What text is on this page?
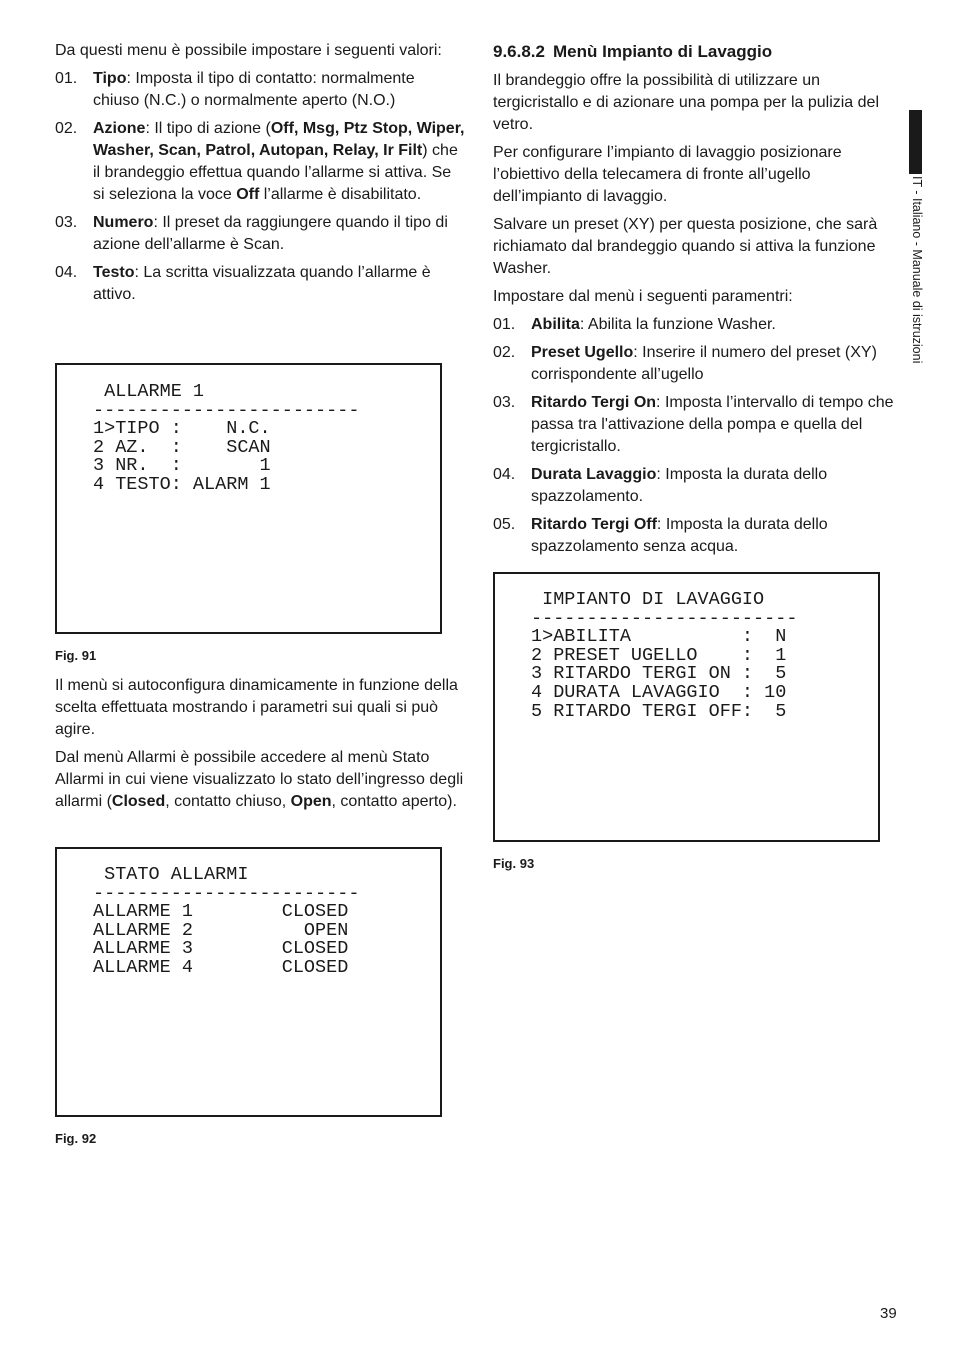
Da questi menu è possibile impostare i seguenti valori:

01. Tipo: Imposta il tipo di contatto: normalmente chiuso (N.C.) o normalmente aperto (N.O.)
02. Azione: Il tipo di azione (Off, Msg, Ptz Stop, Wiper, Washer, Scan, Patrol, Autopan, Relay, Ir Filt) che il brandeggio effettua quando l’allarme si attiva. Se si seleziona la voce Off l’allarme è disabilitato.
03. Numero: Il preset da raggiungere quando il tipo di azione dell’allarme è Scan.
04. Testo: La scritta visualizzata quando l’allarme è attivo.
ALLARME 1
------------------------
1>TIPO :    N.C.
2 AZ.  :    SCAN
3 NR.  :       1
4 TESTO: ALARM 1
Fig. 91

Il menù si autoconfigura dinamicamente in funzione della scelta effettuata mostrando i parametri sui quali si può agire.

Dal menù Allarmi è possibile accedere al menù Stato Allarmi in cui viene visualizzato lo stato dell’ingresso degli allarmi (Closed, contatto chiuso, Open, contatto aperto).

STATO ALLARMI
------------------------
ALLARME 1        CLOSED
ALLARME 2          OPEN
ALLARME 3        CLOSED
ALLARME 4        CLOSED
Fig. 92
9.6.8.2 Menù Impianto di Lavaggio

Il brandeggio offre la possibilità di utilizzare un tergicristallo e di azionare una pompa per la pulizia del vetro.

Per configurare l’impianto di lavaggio posizionare l’obiettivo della telecamera di fronte all’ugello dell’impianto di lavaggio.

Salvare un preset (XY) per questa posizione, che sarà richiamato dal brandeggio quando si attiva la funzione Washer.

Impostare dal menù i seguenti paramentri:

01. Abilita: Abilita la funzione Washer.
02. Preset Ugello: Inserire il numero del preset (XY) corrispondente all’ugello
03. Ritardo Tergi On: Imposta l’intervallo di tempo che passa tra l'attivazione della pompa e quella del tergicristallo.
04. Durata Lavaggio: Imposta la durata dello spazzolamento.
05. Ritardo Tergi Off: Imposta la durata dello spazzolamento senza acqua.
IMPIANTO DI LAVAGGIO
------------------------
1>ABILITA          :  N
2 PRESET UGELLO    :  1
3 RITARDO TERGI ON :  5
4 DURATA LAVAGGIO  : 10
5 RITARDO TERGI OFF:  5
Fig. 93
IT - Italiano - Manuale di istruzioni
39
